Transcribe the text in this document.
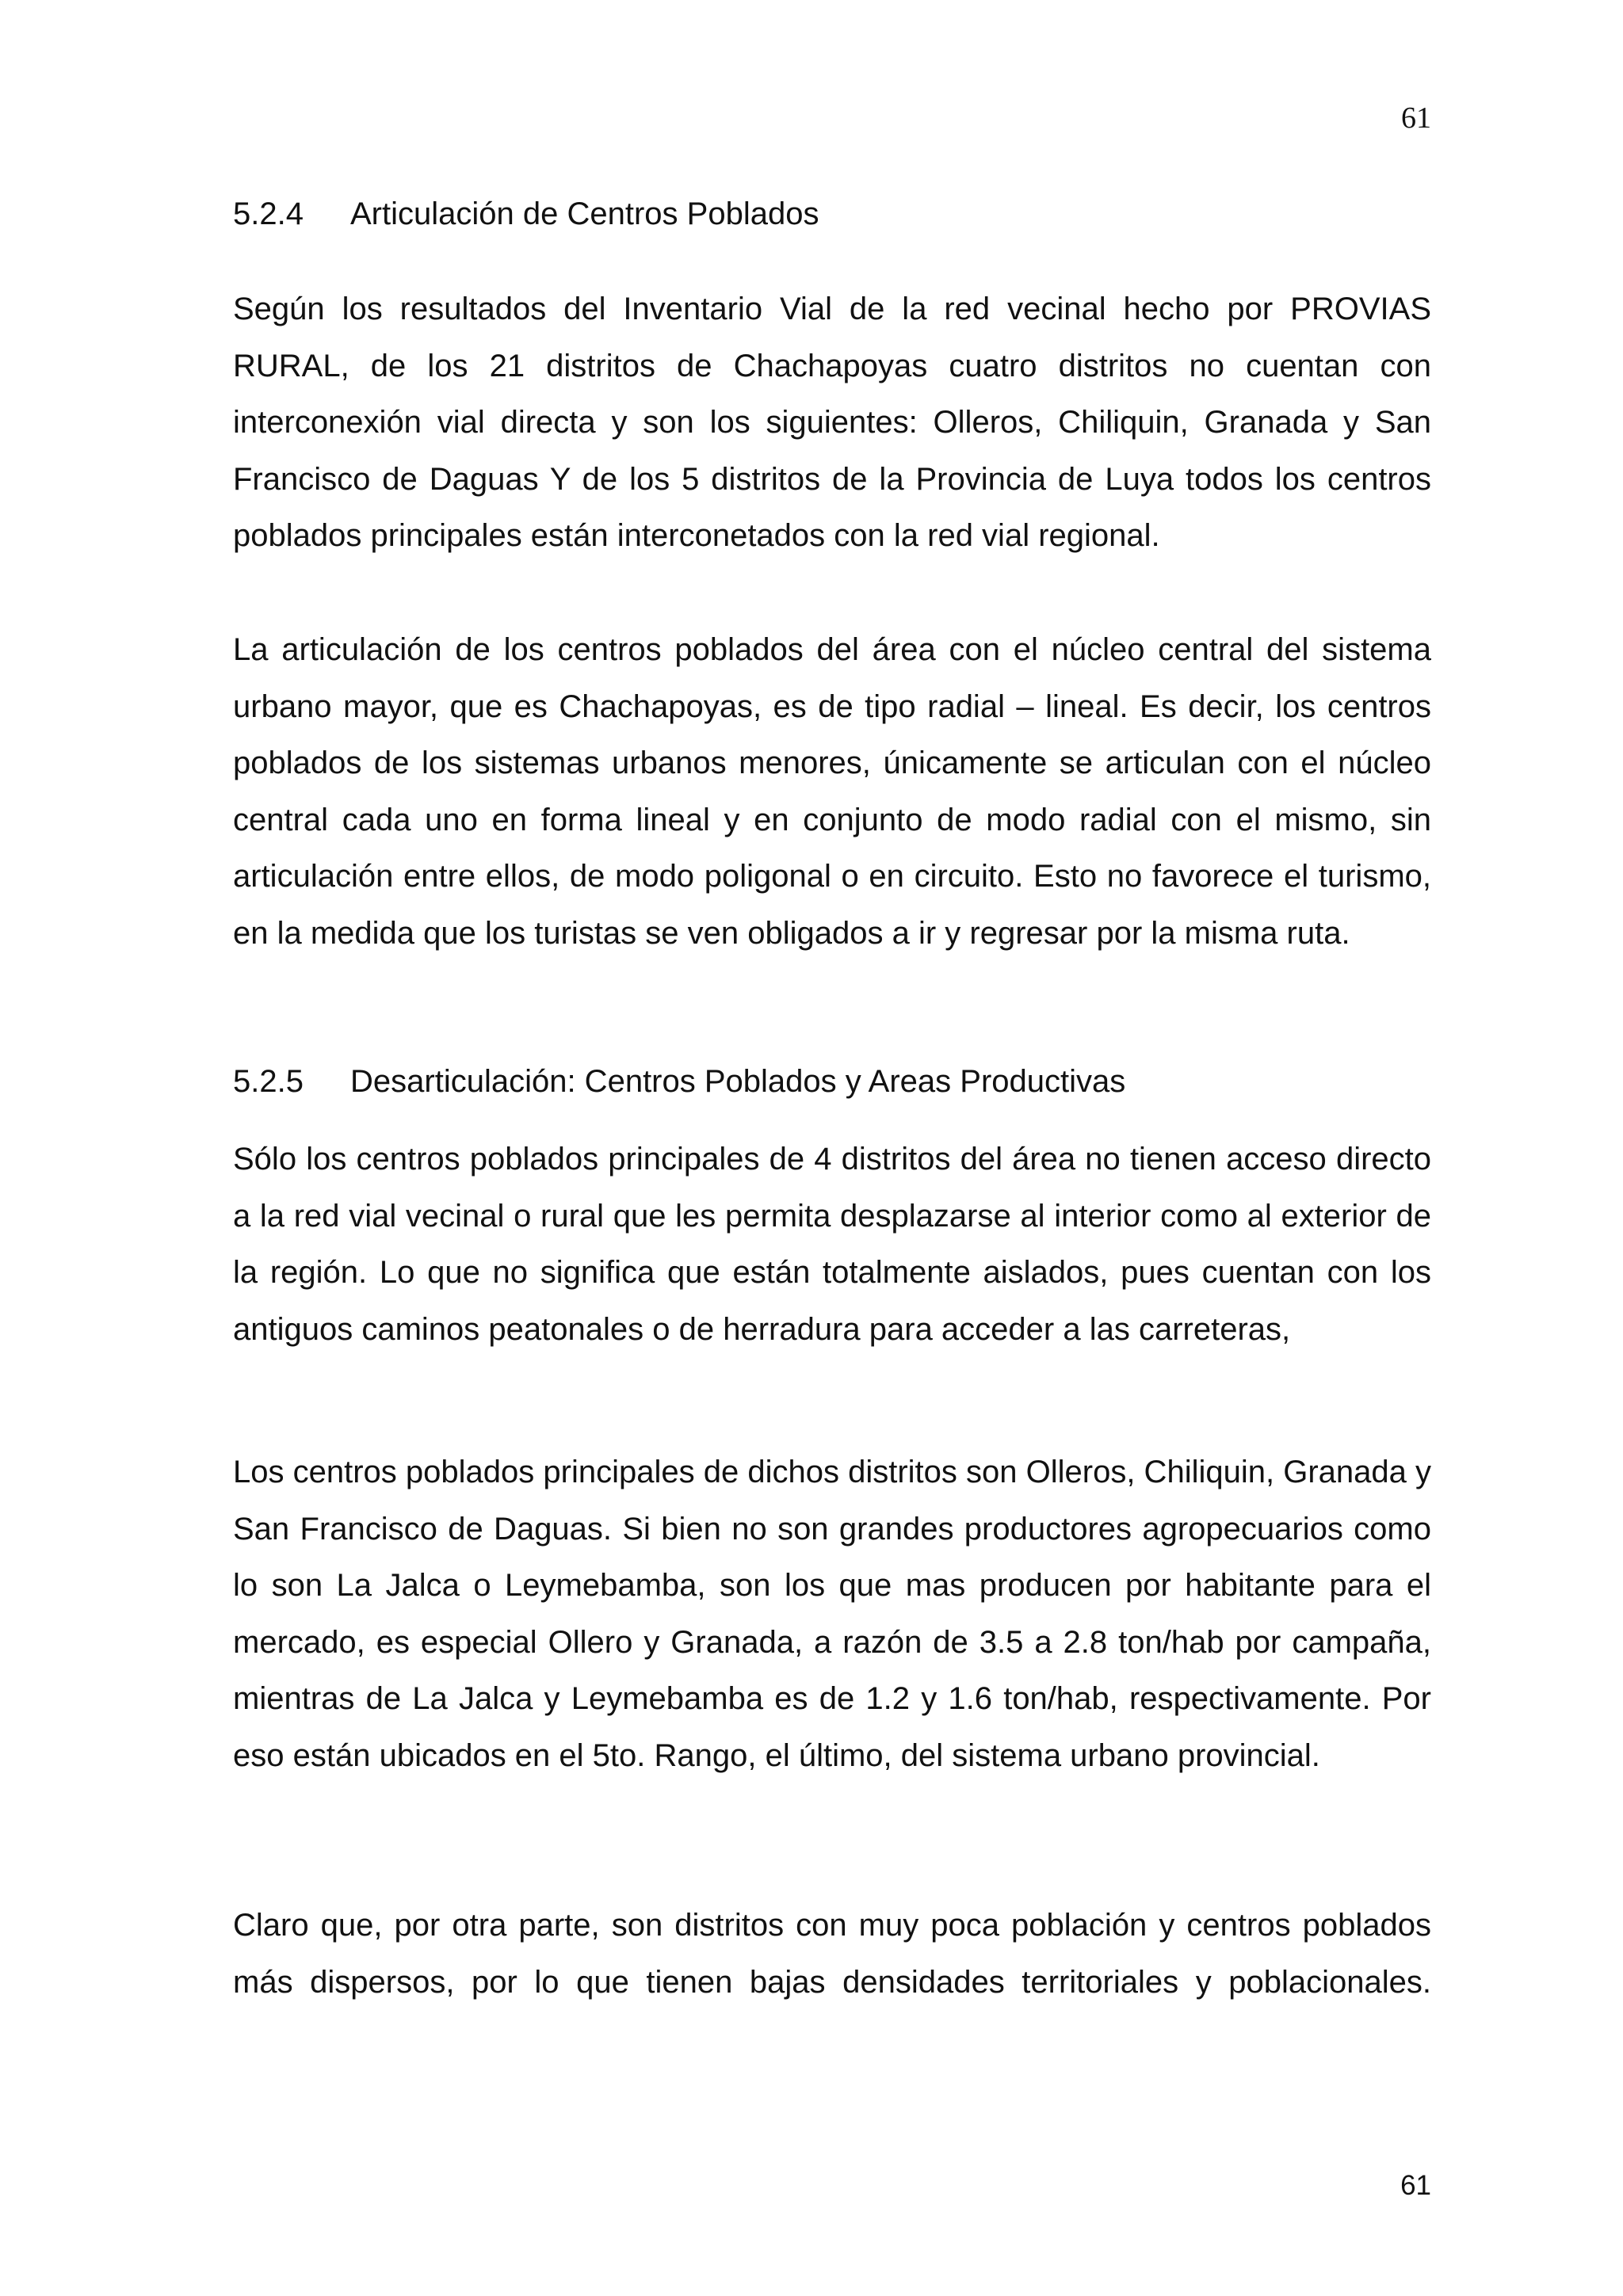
61
5.2.4 Articulación de Centros Poblados

Según los resultados del Inventario Vial de la red vecinal hecho por PROVIAS RURAL, de los 21 distritos de Chachapoyas cuatro distritos no cuentan con interconexión vial directa y son los siguientes: Olleros, Chiliquin, Granada y San Francisco de Daguas Y de los 5 distritos de la Provincia de Luya todos los centros poblados principales están interconetados con la red vial regional.

La articulación de los centros poblados del área con el núcleo central del sistema urbano mayor, que es Chachapoyas, es de tipo radial – lineal. Es decir, los centros poblados de los sistemas urbanos menores, únicamente se articulan con el núcleo central cada uno en forma lineal y en conjunto de modo radial con el mismo, sin articulación entre ellos, de modo poligonal o en circuito. Esto no favorece el turismo, en la medida que los turistas se ven obligados a ir y regresar por la misma ruta.

5.2.5 Desarticulación: Centros Poblados y Areas Productivas

Sólo los centros poblados principales de 4 distritos del área no tienen acceso directo a la red vial vecinal o rural que les permita desplazarse al interior como al exterior de la región. Lo que no significa que están totalmente aislados, pues cuentan con los antiguos caminos peatonales o de herradura para acceder a las carreteras,

Los centros poblados principales de dichos distritos son Olleros, Chiliquin, Granada y San Francisco de Daguas. Si bien no son grandes productores agropecuarios como lo son La Jalca o Leymebamba, son los que mas producen por habitante para el mercado, es especial Ollero y Granada, a razón de 3.5 a 2.8 ton/hab por campaña, mientras de La Jalca y Leymebamba es de 1.2 y 1.6 ton/hab, respectivamente. Por eso están ubicados en el 5to. Rango, el último, del sistema urbano provincial.

Claro que, por otra parte, son distritos con muy poca población y centros poblados más dispersos, por lo que tienen bajas densidades territoriales y poblacionales.

61
